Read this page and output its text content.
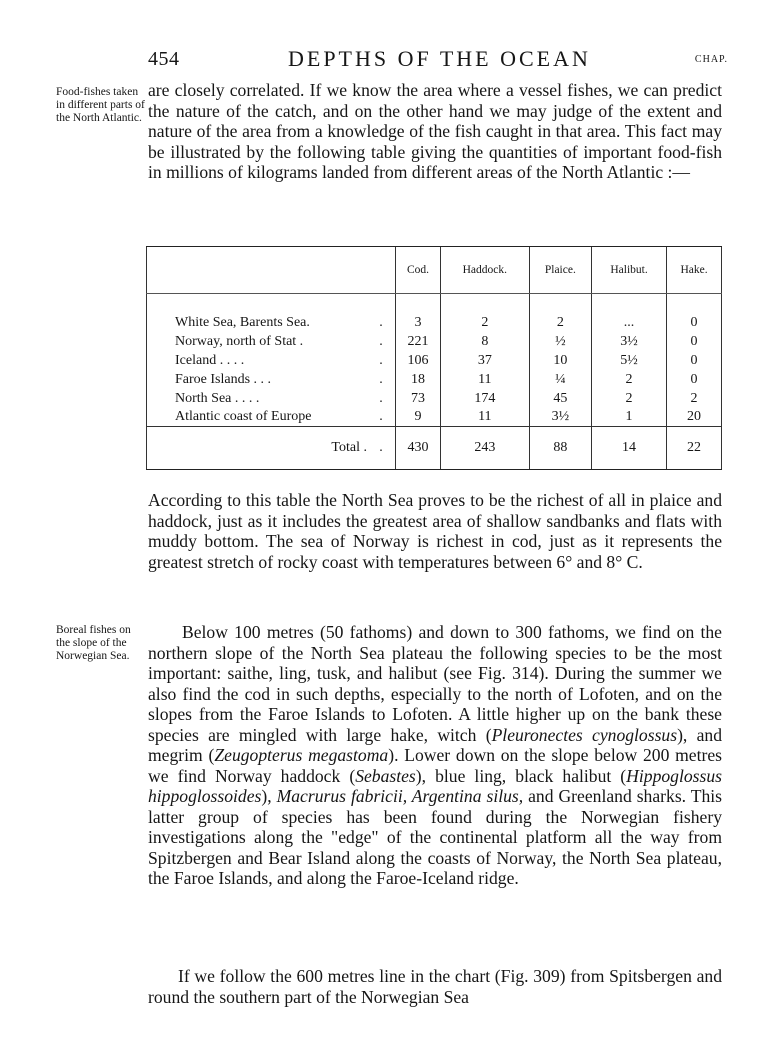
454	DEPTHS OF THE OCEAN	CHAP.
Food-fishes taken in different parts of the North Atlantic.
Boreal fishes on the slope of the Norwegian Sea.

are closely correlated. If we know the area where a vessel fishes, we can predict the nature of the catch, and on the other hand we may judge of the extent and nature of the area from a knowledge of the fish caught in that area. This fact may be illustrated by the following table giving the quantities of important food-fish in millions of kilograms landed from different areas of the North Atlantic :—

		Cod.	Haddock.	Plaice.	Halibut.	Hake.
White Sea, Barents Sea.	.	3	2	2	...	0
Norway, north of Stat .	.	221	8	½	3½	0
Iceland . . . .	.	106	37	10	5½	0
Faroe Islands . . .	.	18	11	¼	2	0
North Sea . . . .	.	73	174	45	2	2
Atlantic coast of Europe	.	9	11	3½	1	20
Total .	.	430	243	88	14	22

According to this table the North Sea proves to be the richest of all in plaice and haddock, just as it includes the greatest area of shallow sandbanks and flats with muddy bottom. The sea of Norway is richest in cod, just as it represents the greatest stretch of rocky coast with temperatures between 6° and 8° C.

Below 100 metres (50 fathoms) and down to 300 fathoms, we find on the northern slope of the North Sea plateau the following species to be the most important: saithe, ling, tusk, and halibut (see Fig. 314). During the summer we also find the cod in such depths, especially to the north of Lofoten, and on the slopes from the Faroe Islands to Lofoten. A little higher up on the bank these species are mingled with large hake, witch (Pleuronectes cynoglossus), and megrim (Zeugopterus megastoma). Lower down on the slope below 200 metres we find Norway haddock (Sebastes), blue ling, black halibut (Hippoglossus hippoglossoides), Macrurus fabricii, Argentina silus, and Greenland sharks. This latter group of species has been found during the Norwegian fishery investigations along the "edge" of the continental platform all the way from Spitzbergen and Bear Island along the coasts of Norway, the North Sea plateau, the Faroe Islands, and along the Faroe-Iceland ridge.

If we follow the 600 metres line in the chart (Fig. 309) from Spitsbergen and round the southern part of the Norwegian Sea
